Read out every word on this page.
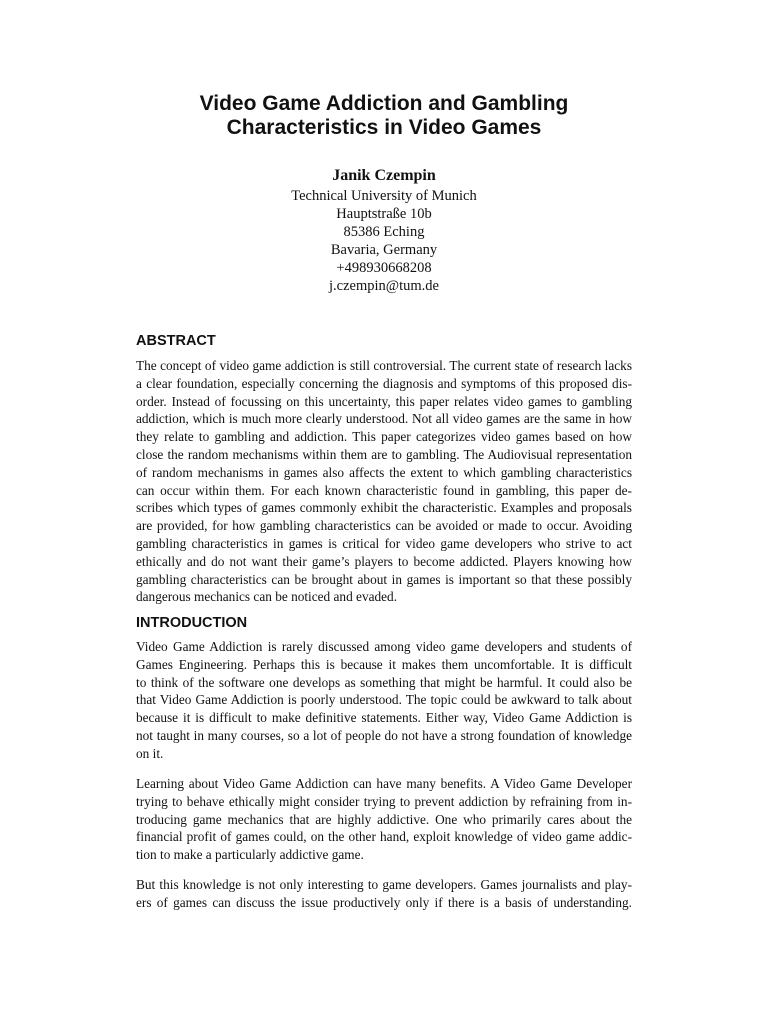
Video Game Addiction and Gambling
Characteristics in Video Games

Janik Czempin

Technical University of Munich

Hauptstraße 10b

85386 Eching

Bavaria, Germany

+498930668208

j.czempin@tum.de

ABSTRACT
The concept of video game addiction is still controversial. The current state of research lacks
a clear foundation, especially concerning the diagnosis and symptoms of this proposed dis-
order. Instead of focussing on this uncertainty, this paper relates video games to gambling
addiction, which is much more clearly understood. Not all video games are the same in how
they relate to gambling and addiction. This paper categorizes video games based on how
close the random mechanisms within them are to gambling. The Audiovisual representation
of random mechanisms in games also affects the extent to which gambling characteristics
can occur within them. For each known characteristic found in gambling, this paper de-
scribes which types of games commonly exhibit the characteristic. Examples and proposals
are provided, for how gambling characteristics can be avoided or made to occur. Avoiding
gambling characteristics in games is critical for video game developers who strive to act
ethically and do not want their game’s players to become addicted. Players knowing how
gambling characteristics can be brought about in games is important so that these possibly
dangerous mechanics can be noticed and evaded.
INTRODUCTION
Video Game Addiction is rarely discussed among video game developers and students of
Games Engineering. Perhaps this is because it makes them uncomfortable. It is difficult
to think of the software one develops as something that might be harmful. It could also be
that Video Game Addiction is poorly understood. The topic could be awkward to talk about
because it is difficult to make definitive statements. Either way, Video Game Addiction is
not taught in many courses, so a lot of people do not have a strong foundation of knowledge
on it.
Learning about Video Game Addiction can have many benefits. A Video Game Developer
trying to behave ethically might consider trying to prevent addiction by refraining from in-
troducing game mechanics that are highly addictive. One who primarily cares about the
financial profit of games could, on the other hand, exploit knowledge of video game addic-
tion to make a particularly addictive game.
But this knowledge is not only interesting to game developers. Games journalists and play-
ers of games can discuss the issue productively only if there is a basis of understanding.
